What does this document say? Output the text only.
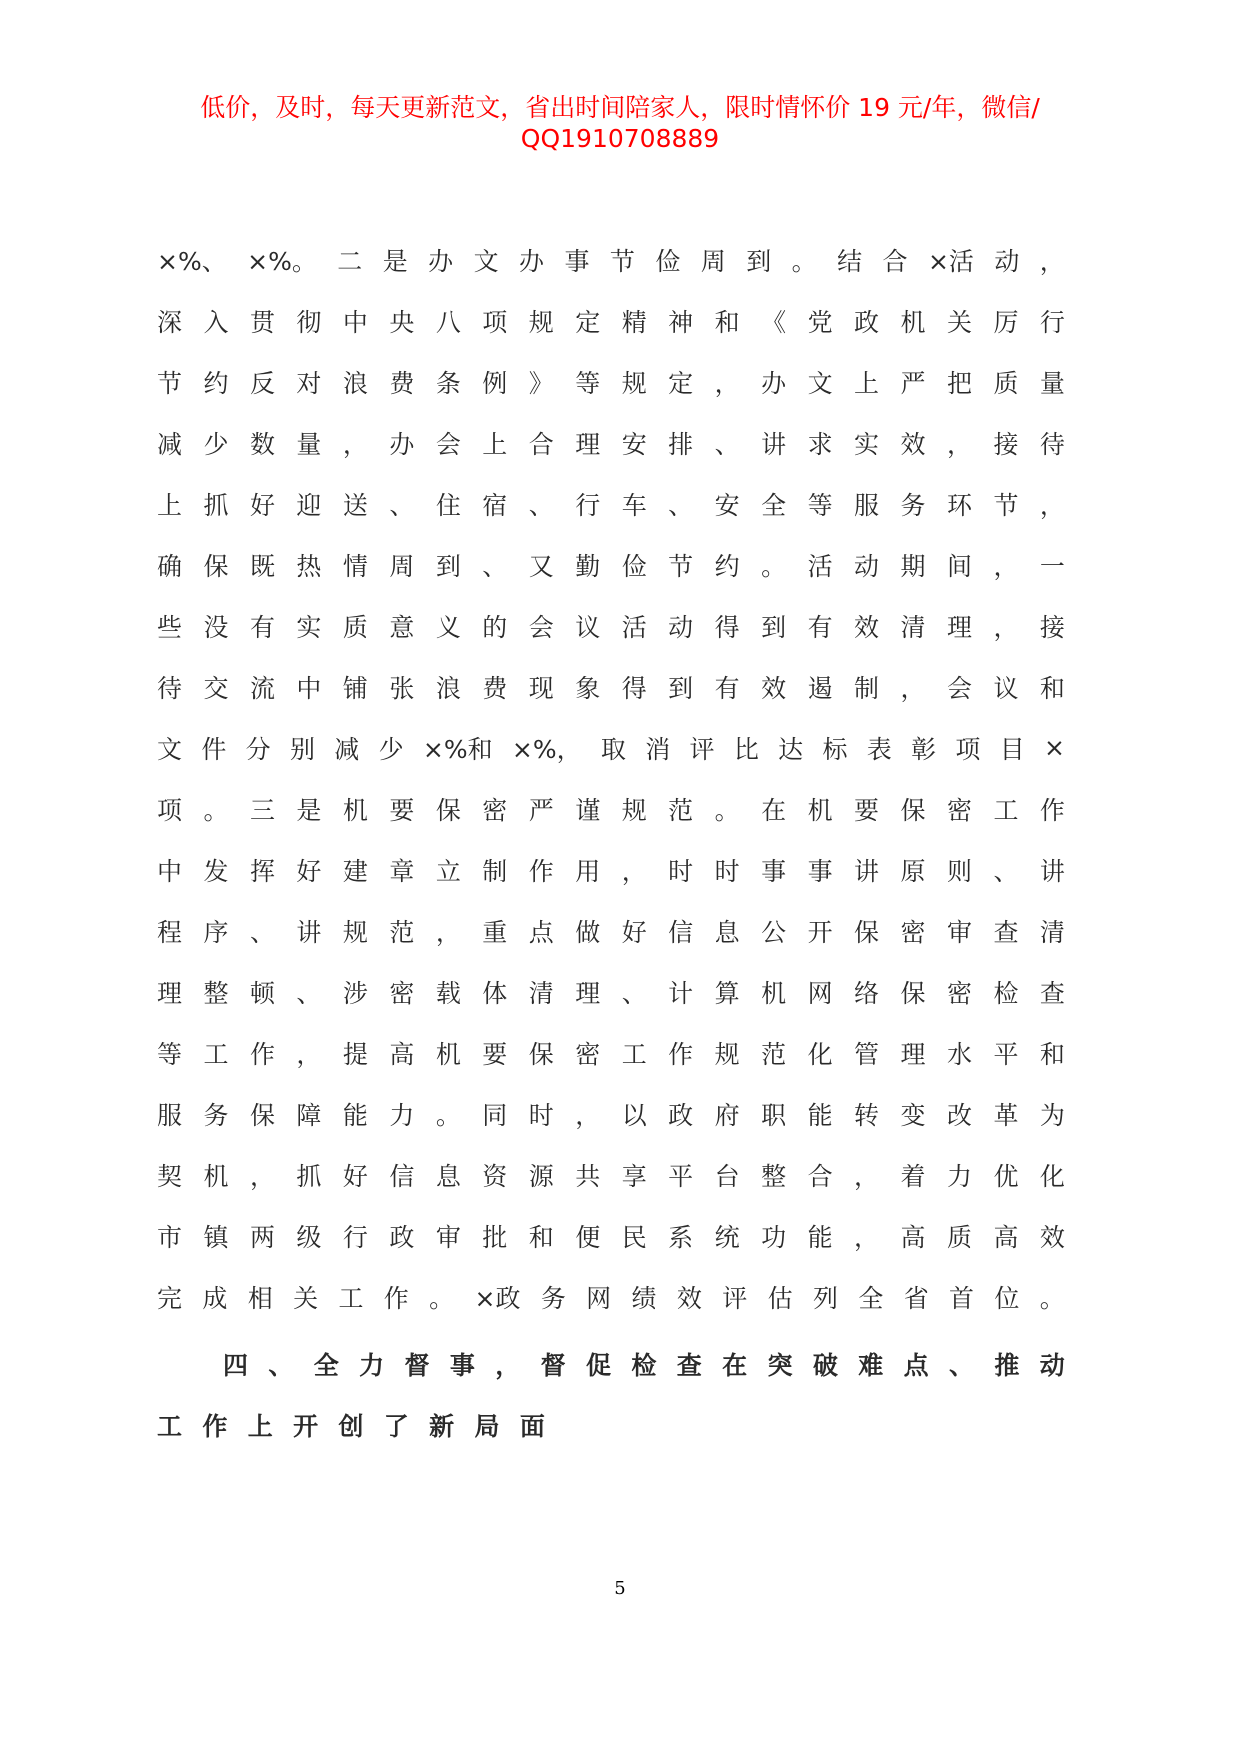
低价，及时，每天更新范文，省出时间陪家人，限时情怀价 19 元/年，微信/
QQ1910708889
×%、 ×%。 二 是 办 文 办 事 节 俭 周 到 。 结 合 ×活 动 ，
深 入 贯 彻 中 央 八 项 规 定 精 神 和 《 党 政 机 关 厉 行
节 约 反 对 浪 费 条 例 》 等 规 定 ， 办 文 上 严 把 质 量
减 少 数 量 ， 办 会 上 合 理 安 排 、 讲 求 实 效 ， 接 待
上 抓 好 迎 送 、 住 宿 、 行 车 、 安 全 等 服 务 环 节 ，
确 保 既 热 情 周 到 、 又 勤 俭 节 约 。 活 动 期 间 ， 一
些 没 有 实 质 意 义 的 会 议 活 动 得 到 有 效 清 理 ， 接
待 交 流 中 铺 张 浪 费 现 象 得 到 有 效 遏 制 ， 会 议 和
文 件 分 别 减 少 ×%和 ×%， 取 消 评 比 达 标 表 彰 项 目 ×
项 。 三 是 机 要 保 密 严 谨 规 范 。 在 机 要 保 密 工 作
中 发 挥 好 建 章 立 制 作 用 ， 时 时 事 事 讲 原 则 、 讲
程 序 、 讲 规 范 ， 重 点 做 好 信 息 公 开 保 密 审 查 清
理 整 顿 、 涉 密 载 体 清 理 、 计 算 机 网 络 保 密 检 查
等 工 作 ， 提 高 机 要 保 密 工 作 规 范 化 管 理 水 平 和
服 务 保 障 能 力 。 同 时 ， 以 政 府 职 能 转 变 改 革 为
契 机 ， 抓 好 信 息 资 源 共 享 平 台 整 合 ， 着 力 优 化
市 镇 两 级 行 政 审 批 和 便 民 系 统 功 能 ， 高 质 高 效
完 成 相 关 工 作 。 ×政 务 网 绩 效 评 估 列 全 省 首 位 。
四 、 全 力 督 事 ， 督 促 检 查 在 突 破 难 点 、 推 动
工 作 上 开 创 了 新 局 面
5
